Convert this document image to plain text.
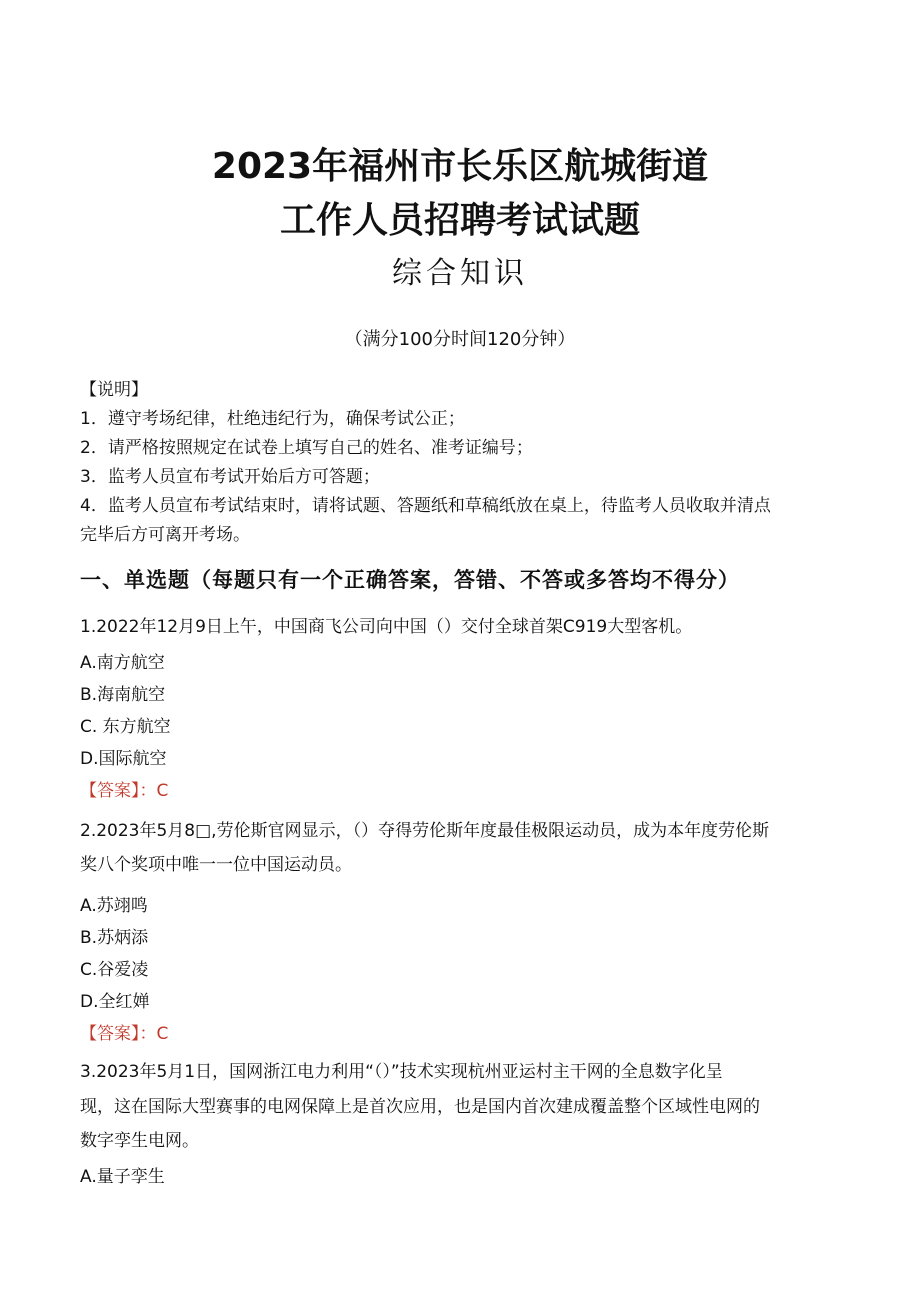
2023年福州市长乐区航城街道
工作人员招聘考试试题
综合知识
（满分100分时间120分钟）
【说明】
1．遵守考场纪律，杜绝违纪行为，确保考试公正；
2．请严格按照规定在试卷上填写自己的姓名、准考证编号；
3．监考人员宣布考试开始后方可答题；
4．监考人员宣布考试结束时，请将试题、答题纸和草稿纸放在桌上，待监考人员收取并清点
完毕后方可离开考场。
一、单选题（每题只有一个正确答案，答错、不答或多答均不得分）
1.2022年12月9日上午，中国商飞公司向中国（）交付全球首架C919大型客机。
A.南方航空
B.海南航空
C. 东方航空
D.国际航空
【答案】：C
2.2023年5月8□,劳伦斯官网显示，（）夺得劳伦斯年度最佳极限运动员，成为本年度劳伦斯
奖八个奖项中唯一一位中国运动员。
A.苏翊鸣
B.苏炳添
C.谷爱凌
D.全红婵
【答案】：C
3.2023年5月1日，国网浙江电力利用“（）”技术实现杭州亚运村主干网的全息数字化呈
现，这在国际大型赛事的电网保障上是首次应用，也是国内首次建成覆盖整个区域性电网的
数字孪生电网。
A.量子孪生
